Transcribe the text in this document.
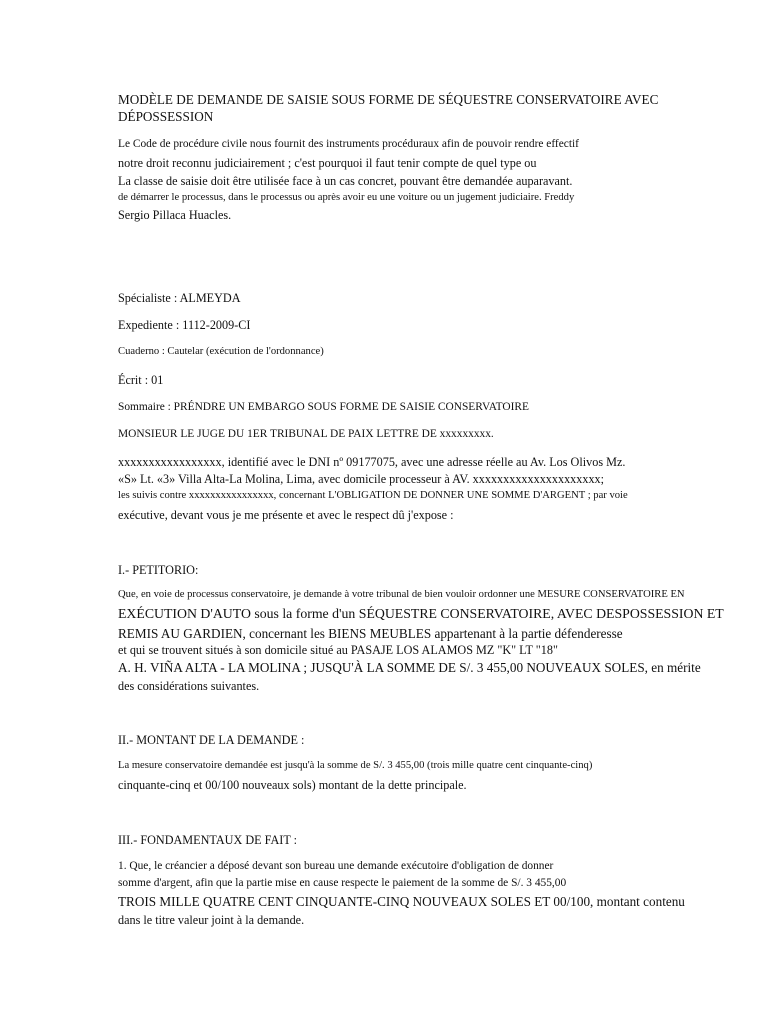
MODÈLE DE DEMANDE DE SAISIE SOUS FORME DE SÉQUESTRE CONSERVATOIRE AVEC
DÉPOSSESSION
Le Code de procédure civile nous fournit des instruments procéduraux afin de pouvoir rendre effectif
notre droit reconnu judiciairement ; c'est pourquoi il faut tenir compte de quel type ou
La classe de saisie doit être utilisée face à un cas concret, pouvant être demandée auparavant.
de démarrer le processus, dans le processus ou après avoir eu une voiture ou un jugement judiciaire. Freddy
Sergio Pillaca Huacles.
Spécialiste : ALMEYDA
Expediente : 1112-2009-CI
Cuaderno : Cautelar (exécution de l'ordonnance)
Écrit : 01
Sommaire : PRÉNDRE UN EMBARGO SOUS FORME DE SAISIE CONSERVATOIRE
MONSIEUR LE JUGE DU 1ER TRIBUNAL DE PAIX LETTRE DE xxxxxxxxx.
xxxxxxxxxxxxxxxxx, identifié avec le DNI nº 09177075, avec une adresse réelle au Av. Los Olivos Mz.
«S» Lt. «3» Villa Alta-La Molina, Lima, avec domicile processeur à AV. xxxxxxxxxxxxxxxxxxxxx;
les suivis contre xxxxxxxxxxxxxxxx, concernant L'OBLIGATION DE DONNER UNE SOMME D'ARGENT ; par voie
exécutive, devant vous je me présente et avec le respect dû j'expose :
I.- PETITORIO:
Que, en voie de processus conservatoire, je demande à votre tribunal de bien vouloir ordonner une MESURE CONSERVATOIRE EN
EXÉCUTION D'AUTO sous la forme d'un SÉQUESTRE CONSERVATOIRE, AVEC DESPOSSESSION ET
REMIS AU GARDIEN, concernant les BIENS MEUBLES appartenant à la partie défenderesse
et qui se trouvent situés à son domicile situé au PASAJE LOS ALAMOS MZ "K" LT "18"
A. H. VIÑA ALTA - LA MOLINA ; JUSQU'À LA SOMME DE S/. 3 455,00 NOUVEAUX SOLES, en mérite
des considérations suivantes.
II.- MONTANT DE LA DEMANDE :
La mesure conservatoire demandée est jusqu'à la somme de S/. 3 455,00 (trois mille quatre cent cinquante-cinq)
cinquante-cinq et 00/100 nouveaux sols) montant de la dette principale.
III.- FONDAMENTAUX DE FAIT :
1. Que, le créancier a déposé devant son bureau une demande exécutoire d'obligation de donner
somme d'argent, afin que la partie mise en cause respecte le paiement de la somme de S/. 3 455,00
TROIS MILLE QUATRE CENT CINQUANTE-CINQ NOUVEAUX SOLES ET 00/100, montant contenu
dans le titre valeur joint à la demande.
